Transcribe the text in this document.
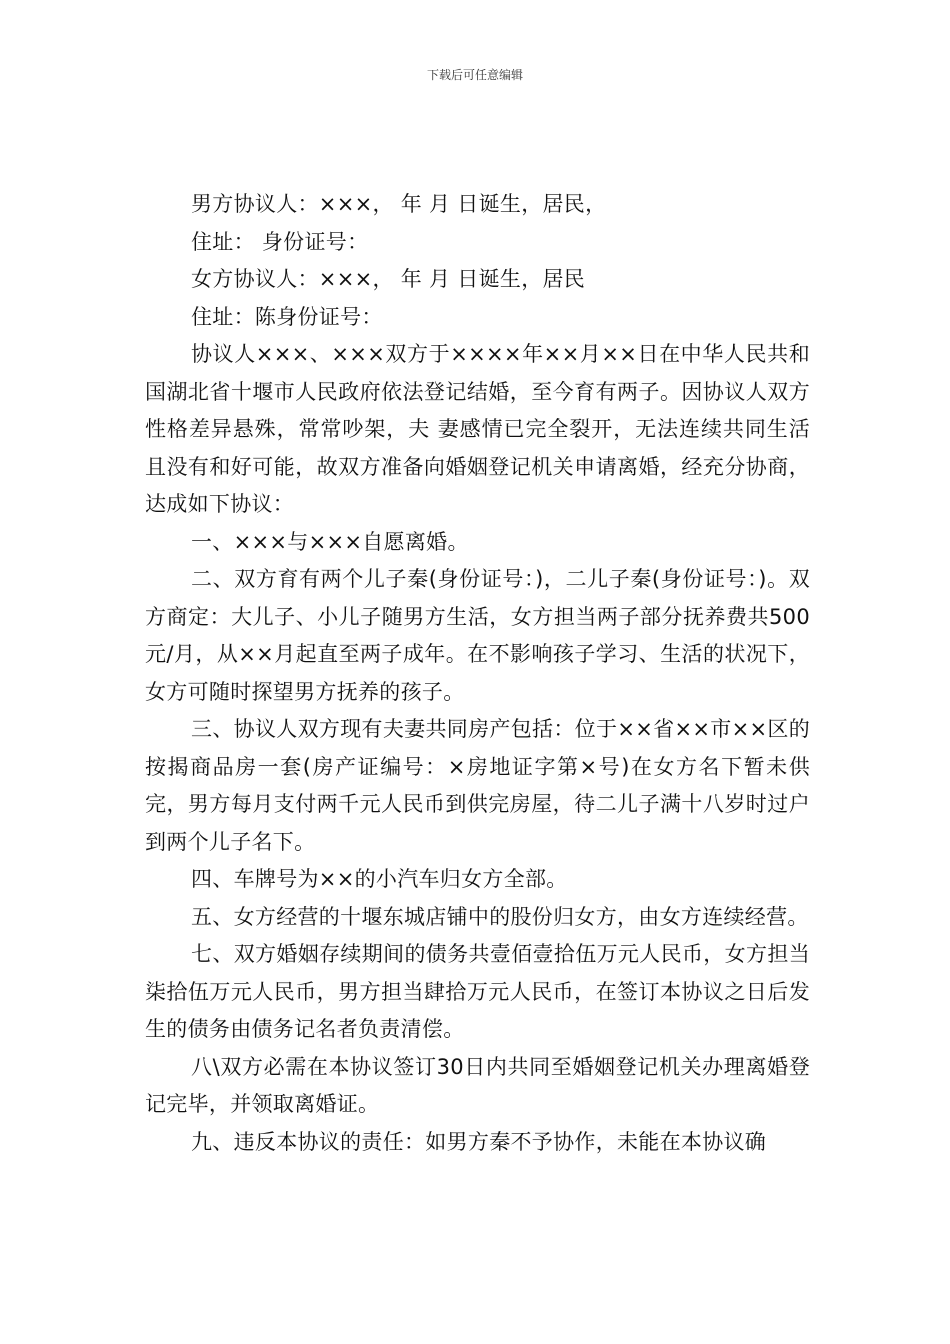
下载后可任意编辑

男方协议人：×××， 年 月 日诞生，居民，

住址： 身份证号：

女方协议人：×××， 年 月 日诞生，居民

住址：陈身份证号：

协议人×××、×××双方于××××年××月××日在中华人民共和国湖北省十堰市人民政府依法登记结婚，至今育有两子。因协议人双方性格差异悬殊，常常吵架，夫 妻感情已完全裂开，无法连续共同生活且没有和好可能，故双方准备向婚姻登记机关申请离婚，经充分协商，达成如下协议：

一、×××与×××自愿离婚。

二、双方育有两个儿子秦(身份证号：)，二儿子秦(身份证号：)。双方商定：大儿子、小儿子随男方生活，女方担当两子部分抚养费共500元/月，从××月起直至两子成年。在不影响孩子学习、生活的状况下，女方可随时探望男方抚养的孩子。

三、协议人双方现有夫妻共同房产包括：位于××省××市××区的按揭商品房一套(房产证编号：×房地证字第×号)在女方名下暂未供完，男方每月支付两千元人民币到供完房屋，待二儿子满十八岁时过户到两个儿子名下。

四、车牌号为××的小汽车归女方全部。

五、女方经营的十堰东城店铺中的股份归女方，由女方连续经营。

七、双方婚姻存续期间的债务共壹佰壹拾伍万元人民币，女方担当柒拾伍万元人民币，男方担当肆拾万元人民币，在签订本协议之日后发生的债务由债务记名者负责清偿。

八\双方必需在本协议签订30日内共同至婚姻登记机关办理离婚登记完毕，并领取离婚证。

九、违反本协议的责任：如男方秦不予协作，未能在本协议确
